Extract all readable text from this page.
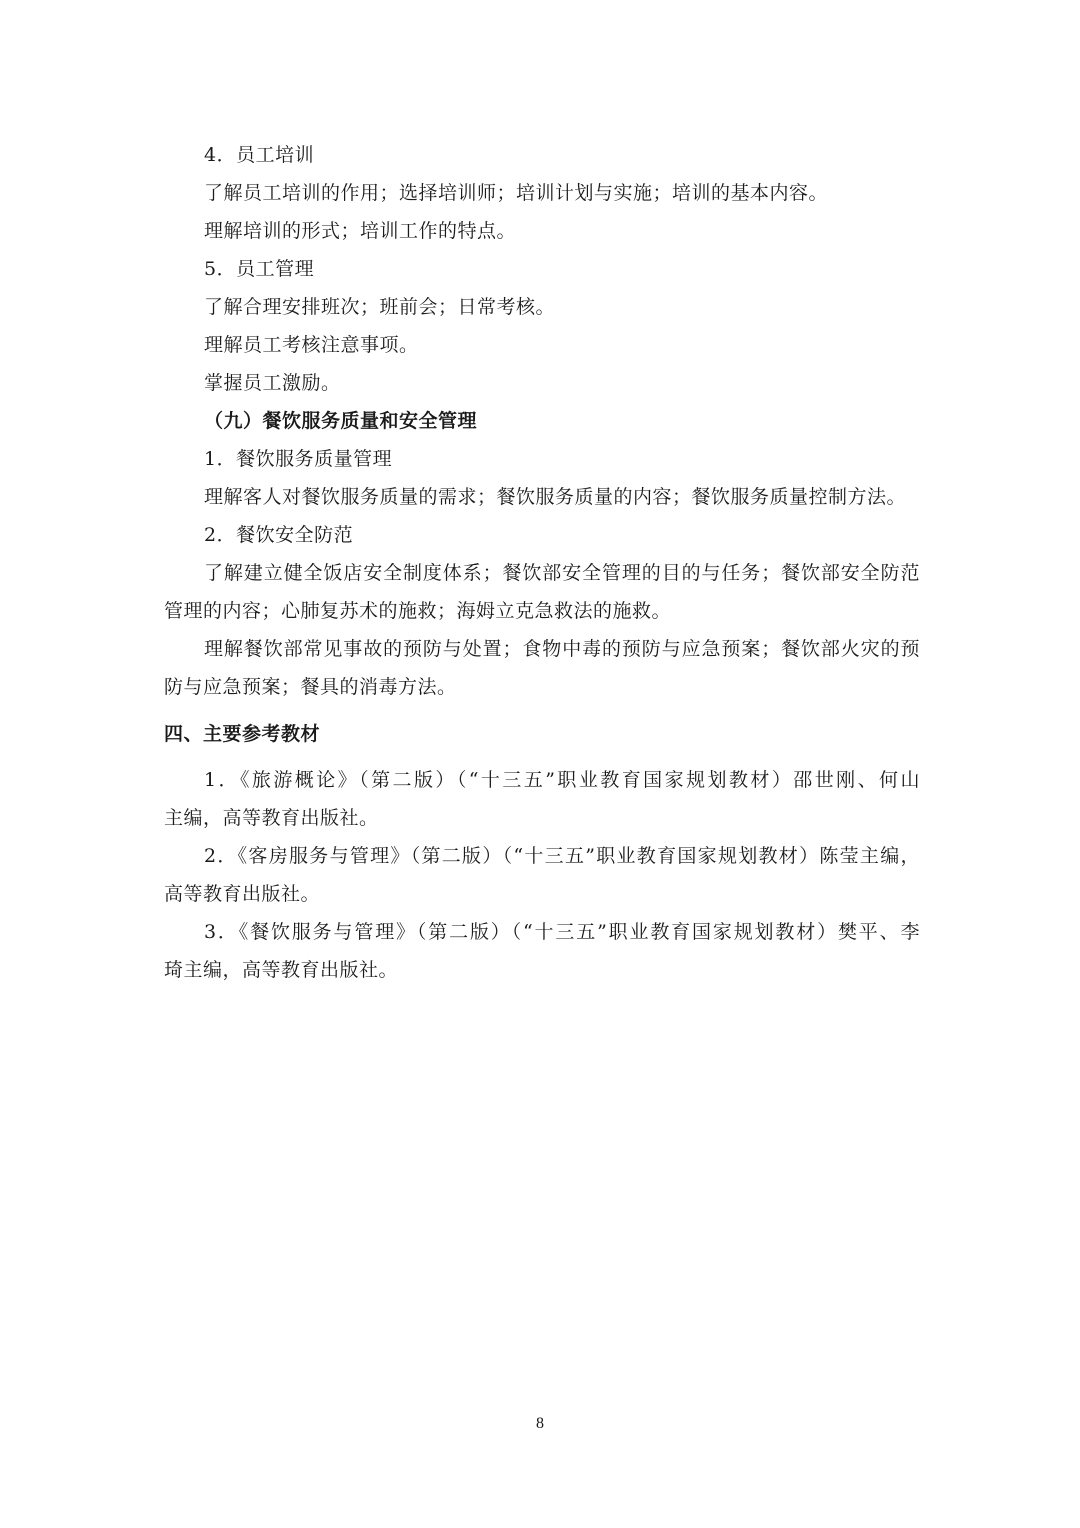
4．员工培训
了解员工培训的作用；选择培训师；培训计划与实施；培训的基本内容。
理解培训的形式；培训工作的特点。
5．员工管理
了解合理安排班次；班前会；日常考核。
理解员工考核注意事项。
掌握员工激励。
（九）餐饮服务质量和安全管理
1．餐饮服务质量管理
理解客人对餐饮服务质量的需求；餐饮服务质量的内容；餐饮服务质量控制方法。
2．餐饮安全防范
了解建立健全饭店安全制度体系；餐饮部安全管理的目的与任务；餐饮部安全防范
管理的内容；心肺复苏术的施救；海姆立克急救法的施救。
理解餐饮部常见事故的预防与处置；食物中毒的预防与应急预案；餐饮部火灾的预
防与应急预案；餐具的消毒方法。
四、主要参考教材
1．《旅游概论》（第二版）（“十三五”职业教育国家规划教材）邵世刚、何山
主编，高等教育出版社。
2．《客房服务与管理》（第二版）（“十三五”职业教育国家规划教材）陈莹主编，
高等教育出版社。
3．《餐饮服务与管理》（第二版）（“十三五”职业教育国家规划教材）樊平、李
琦主编，高等教育出版社。
8
